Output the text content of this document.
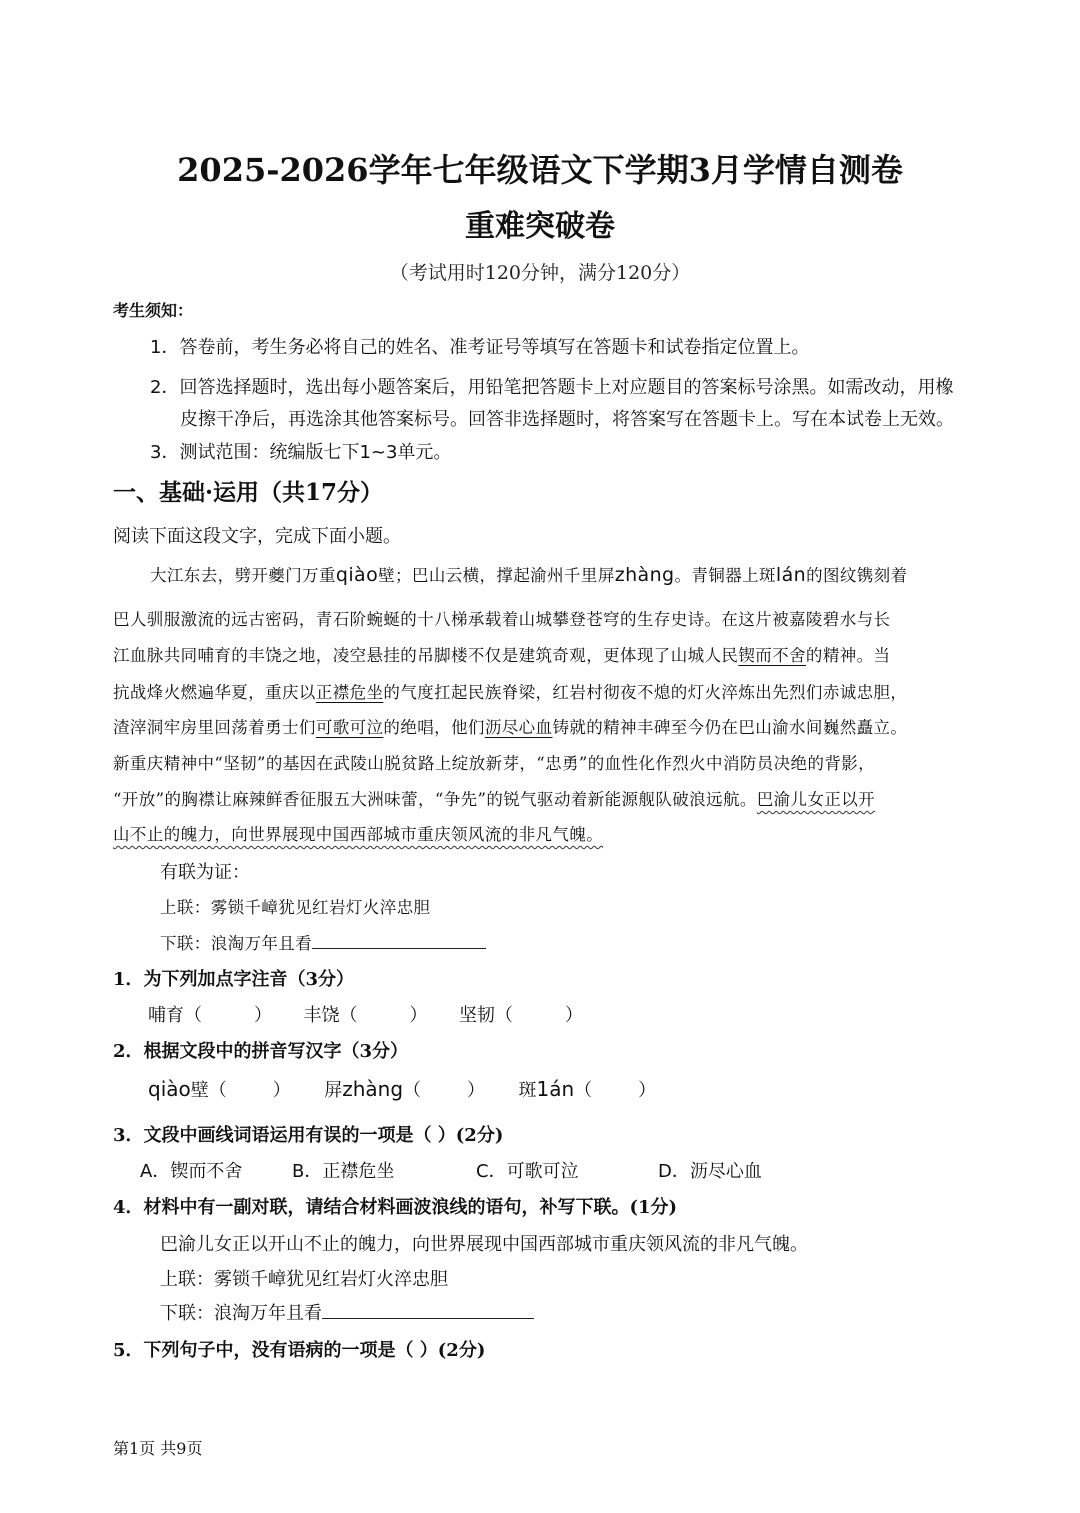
2025-2026学年七年级语文下学期3月学情自测卷
重难突破卷
（考试用时120分钟，满分120分）
考生须知：
1．答卷前，考生务必将自己的姓名、准考证号等填写在答题卡和试卷指定位置上。
2．回答选择题时，选出每小题答案后，用铅笔把答题卡上对应题目的答案标号涂黑。如需改动，用橡
皮擦干净后，再选涂其他答案标号。回答非选择题时，将答案写在答题卡上。写在本试卷上无效。
3．测试范围：统编版七下1~3单元。
一、基础·运用（共17分）
阅读下面这段文字，完成下面小题。
大江东去，劈开夔门万重qiào壁；巴山云横，撑起渝州千里屏zhàng。青铜器上斑lán的图纹镌刻着
巴人驯服激流的远古密码，青石阶蜿蜒的十八梯承载着山城攀登苍穹的生存史诗。在这片被嘉陵碧水与长
江血脉共同哺育的丰饶之地，凌空悬挂的吊脚楼不仅是建筑奇观，更体现了山城人民锲而不舍的精神。当
抗战烽火燃遍华夏，重庆以正襟危坐的气度扛起民族脊梁，红岩村彻夜不熄的灯火淬炼出先烈们赤诚忠胆，
渣滓洞牢房里回荡着勇士们可歌可泣的绝唱，他们沥尽心血铸就的精神丰碑至今仍在巴山渝水间巍然矗立。
新重庆精神中“坚韧”的基因在武陵山脱贫路上绽放新芽，“忠勇”的血性化作烈火中消防员决绝的背影，
“开放”的胸襟让麻辣鲜香征服五大洲味蕾，“争先”的锐气驱动着新能源舰队破浪远航。巴渝儿女正以开
山不止的魄力，向世界展现中国西部城市重庆领风流的非凡气魄。
有联为证：
上联：雾锁千嶂犹见红岩灯火淬忠胆
下联：浪淘万年且看
1．为下列加点字注音（3分）
哺育（	） 丰饶（	） 坚韧（	）
2．根据文段中的拼音写汉字（3分）
qiào壁（	） 屏zhàng（	） 斑1án（	）
3．文段中画线词语运用有误的一项是（ ）(2分)
A．锲而不舍	B．正襟危坐	C．可歌可泣	D．沥尽心血
4．材料中有一副对联，请结合材料画波浪线的语句，补写下联。(1分)
巴渝儿女正以开山不止的魄力，向世界展现中国西部城市重庆领风流的非凡气魄。
上联：雾锁千嶂犹见红岩灯火淬忠胆
下联：浪淘万年且看
5．下列句子中，没有语病的一项是（ ）(2分)
第1页 共9页
